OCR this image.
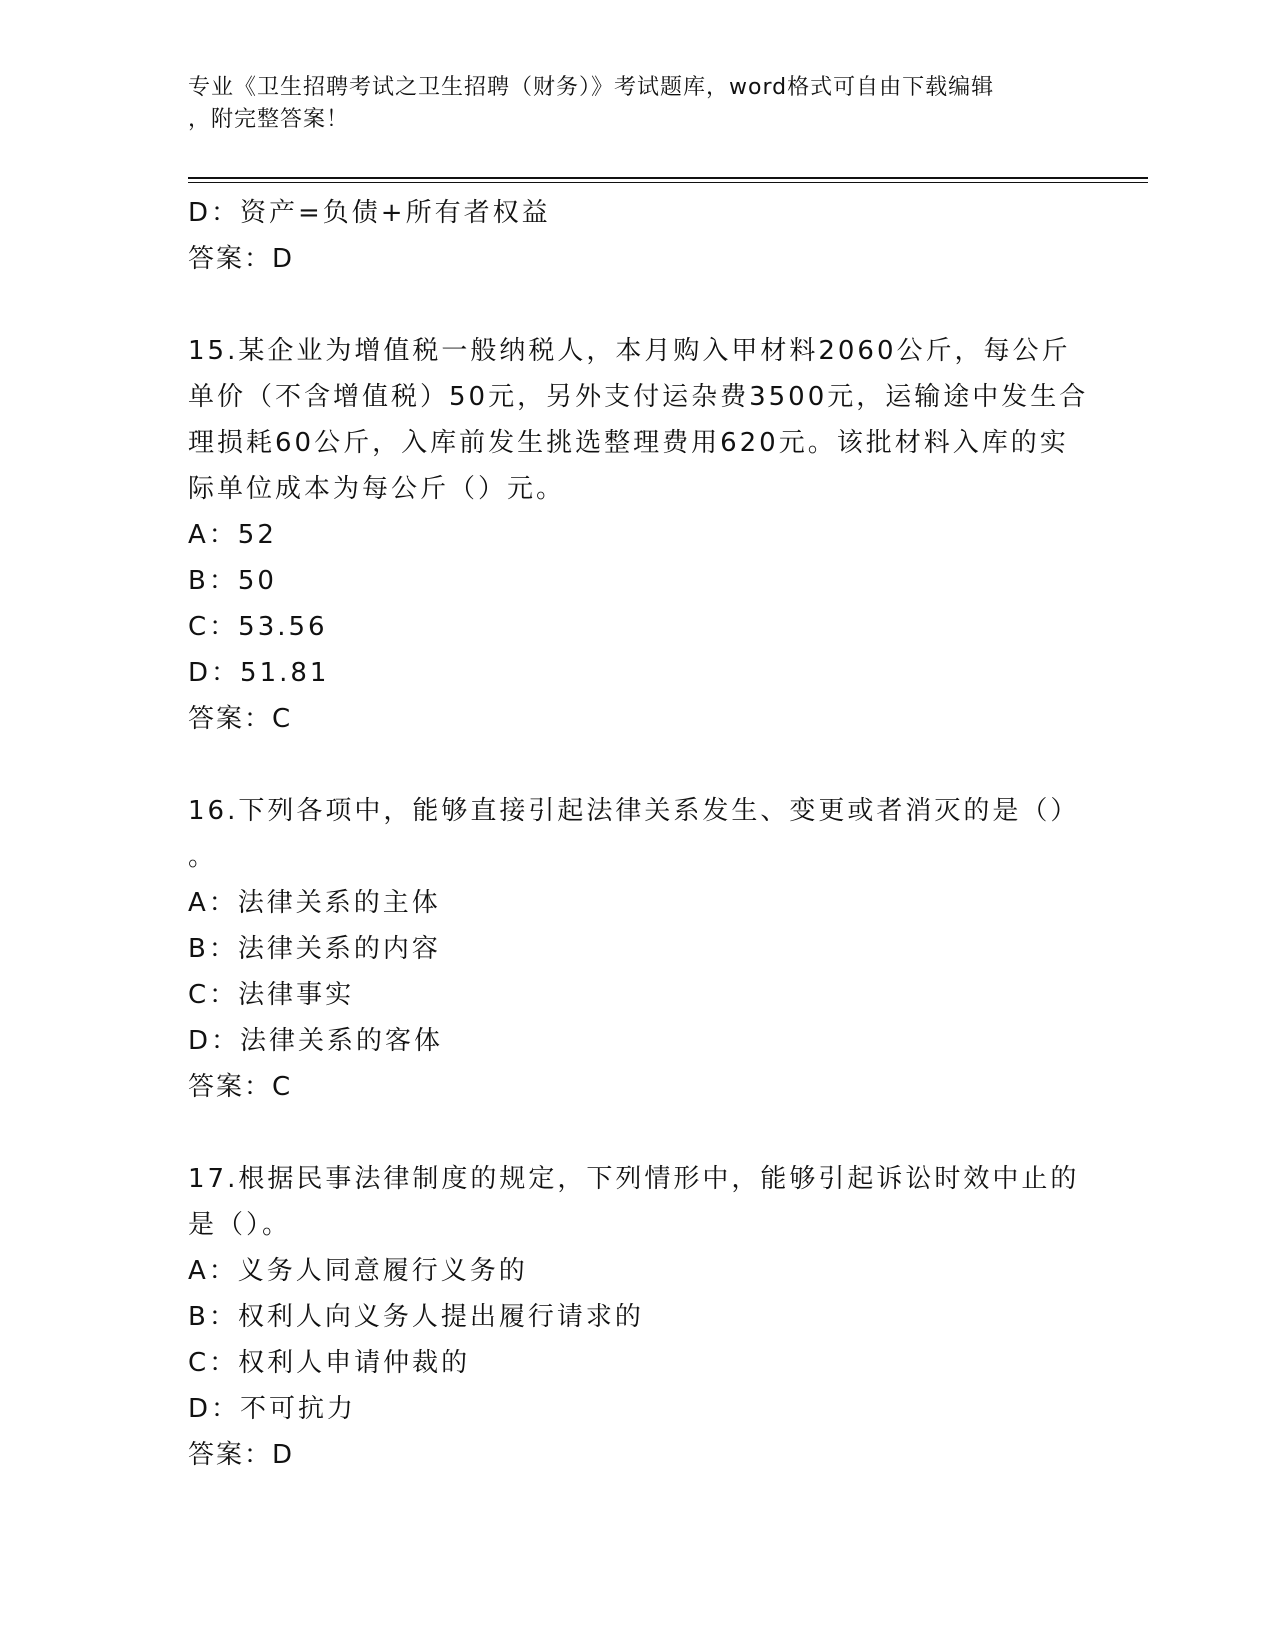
专业《卫生招聘考试之卫生招聘（财务）》考试题库，word格式可自由下载编辑
，附完整答案！
D：资产=负债+所有者权益
答案：D
15.某企业为增值税一般纳税人，本月购入甲材料2060公斤，每公斤
单价（不含增值税）50元，另外支付运杂费3500元，运输途中发生合
理损耗60公斤，入库前发生挑选整理费用620元。该批材料入库的实
际单位成本为每公斤（）元。
A：52
B：50
C：53.56
D：51.81
答案：C
16.下列各项中，能够直接引起法律关系发生、变更或者消灭的是（）
。
A：法律关系的主体
B：法律关系的内容
C：法律事实
D：法律关系的客体
答案：C
17.根据民事法律制度的规定，下列情形中，能够引起诉讼时效中止的
是（）。
A：义务人同意履行义务的
B：权利人向义务人提出履行请求的
C：权利人申请仲裁的
D：不可抗力
答案：D
